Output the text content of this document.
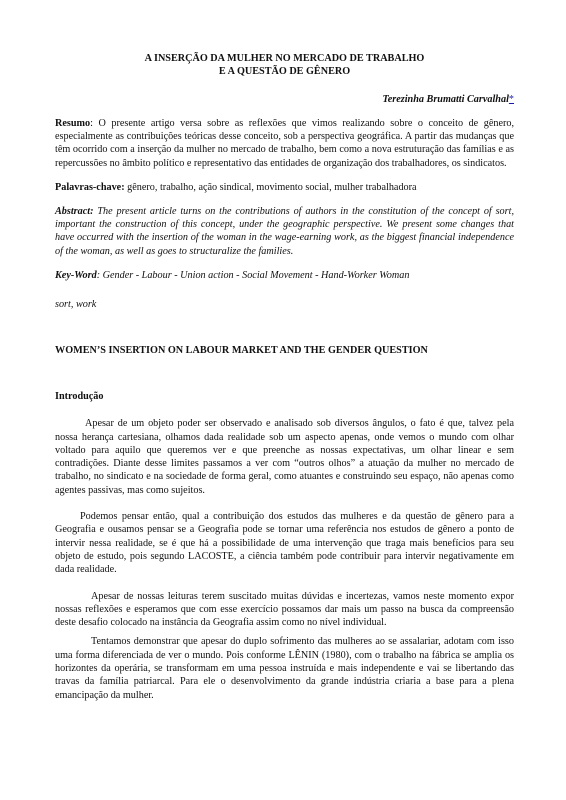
A INSERÇÃO DA MULHER NO MERCADO DE TRABALHO
E A QUESTÃO DE GÊNERO

Terezinha Brumatti Carvalhal*

Resumo: O presente artigo versa sobre as reflexões que vimos realizando sobre o conceito de gênero, especialmente as contribuições teóricas desse conceito, sob a perspectiva geográfica. A partir das mudanças que têm ocorrido com a inserção da mulher no mercado de trabalho, bem como a nova estruturação das famílias e as repercussões no âmbito político e representativo das entidades de organização dos trabalhadores, os sindicatos.

Palavras-chave: gênero, trabalho, ação sindical, movimento social, mulher trabalhadora

Abstract: The present article turns on the contributions of authors in the constitution of the concept of sort, important the construction of this concept, under the geographic perspective. We present some changes that have occurred with the insertion of the woman in the wage-earning work, as the biggest financial independence of the woman, as well as goes to structuralize the families.

Key-Word: Gender - Labour - Union action - Social Movement - Hand-Worker Woman

sort, work

WOMEN’S INSERTION ON LABOUR MARKET AND THE GENDER QUESTION

Introdução

Apesar de um objeto poder ser observado e analisado sob diversos ângulos, o fato é que, talvez pela nossa herança cartesiana, olhamos dada realidade sob um aspecto apenas, onde vemos o mundo com olhar voltado para aquilo que queremos ver e que preenche as nossas expectativas, um olhar linear e sem contradições. Diante desse limites passamos a ver com “outros olhos” a atuação da mulher no mercado de trabalho, no sindicato e na sociedade de forma geral, como atuantes e construindo seu espaço, não apenas como agentes passivas, mas como sujeitos.

Podemos pensar então, qual a contribuição dos estudos das mulheres e da questão de gênero para a Geografia e ousamos pensar se a Geografia pode se tornar uma referência nos estudos de gênero a ponto de intervir nessa realidade, se é que há a possibilidade de uma intervenção que traga mais benefícios para seu objeto de estudo, pois segundo LACOSTE, a ciência também pode contribuir para intervir negativamente em dada realidade.

Apesar de nossas leituras terem suscitado muitas dúvidas e incertezas, vamos neste momento expor nossas reflexões e esperamos que com esse exercício possamos dar mais um passo na busca da compreensão deste desafio colocado na instância da Geografia assim como no nível individual.

Tentamos demonstrar que apesar do duplo sofrimento das mulheres ao se assalariar, adotam com isso uma forma diferenciada de ver o mundo. Pois conforme LÊNIN (1980), com o trabalho na fábrica se amplia os horizontes da operária, se transformam em uma pessoa instruída e mais independente e vai se libertando das travas da família patriarcal. Para ele o desenvolvimento da grande indústria criaria a base para a plena emancipação da mulher.
